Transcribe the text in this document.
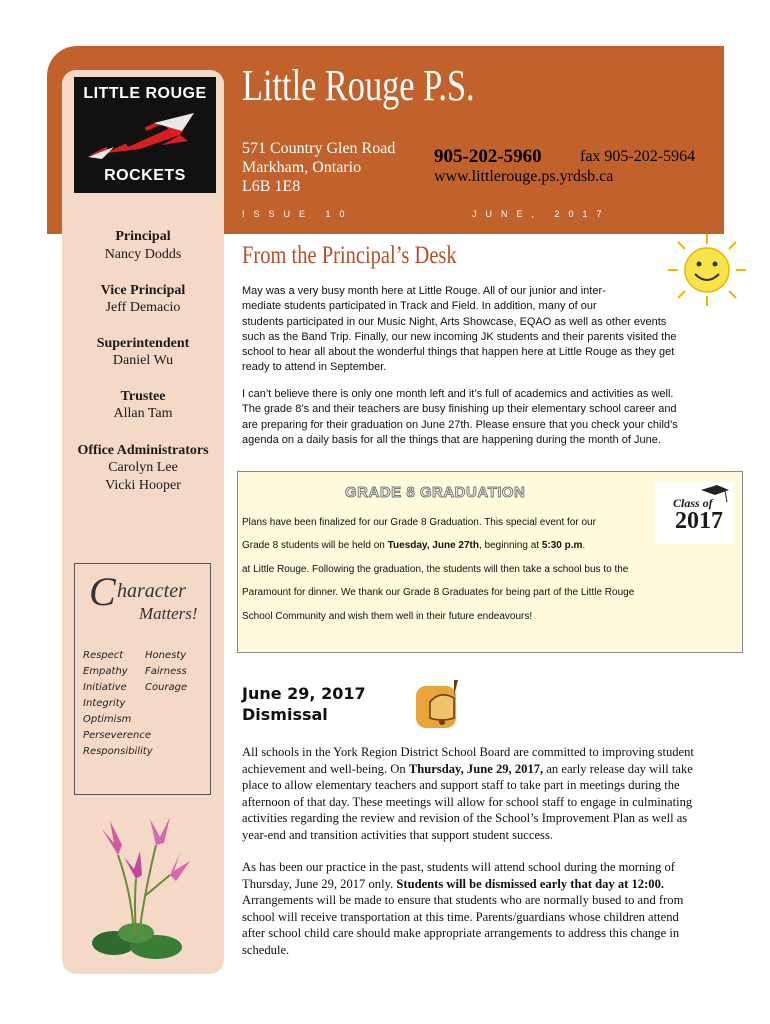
LITTLE ROUGE
ROCKETS
Little Rouge P.S.
571 Country Glen Road
Markham, Ontario
L6B 1E8
905-202-5960 fax 905-202-5964
www.littlerouge.ps.yrdsb.ca
ISSUE 10	JUNE, 2017
Principal
Nancy Dodds
Vice Principal
Jeff Demacio
Superintendent
Daniel Wu
Trustee
Allan Tam
Office Administrators
Carolyn Lee
Vicki Hooper
C haracter
Matters!
Respect
Empathy
Initiative
Integrity
Optimism
Perseverence
Responsibility
Honesty
Fairness
Courage
From the Principal’s Desk
May was a very busy month here at Little Rouge. All of our junior and inter-
mediate students participated in Track and Field. In addition, many of our
students participated in our Music Night, Arts Showcase, EQAO as well as other events
such as the Band Trip. Finally, our new incoming JK students and their parents visited the
school to hear all about the wonderful things that happen here at Little Rouge as they get
ready to attend in September.
I can’t believe there is only one month left and it’s full of academics and activities as well.
The grade 8’s and their teachers are busy finishing up their elementary school career and
are preparing for their graduation on June 27th. Please ensure that you check your child’s
agenda on a daily basis for all the things that are happening during the month of June.
GRADE 8 GRADUATION
Class of
2017
Plans have been finalized for our Grade 8 Graduation. This special event for our
Grade 8 students will be held on Tuesday, June 27th, beginning at 5:30 p.m.
at Little Rouge. Following the graduation, the students will then take a school bus to the
Paramount for dinner. We thank our Grade 8 Graduates for being part of the Little Rouge
School Community and wish them well in their future endeavours!
June 29, 2017
Dismissal
All schools in the York Region District School Board are committed to improving student
achievement and well-being. On Thursday, June 29, 2017, an early release day will take
place to allow elementary teachers and support staff to take part in meetings during the
afternoon of that day. These meetings will allow for school staff to engage in culminating
activities regarding the review and revision of the School’s Improvement Plan as well as
year-end and transition activities that support student success.
As has been our practice in the past, students will attend school during the morning of
Thursday, June 29, 2017 only. Students will be dismissed early that day at 12:00.
Arrangements will be made to ensure that students who are normally bused to and from
school will receive transportation at this time. Parents/guardians whose children attend
after school child care should make appropriate arrangements to address this change in
schedule.
